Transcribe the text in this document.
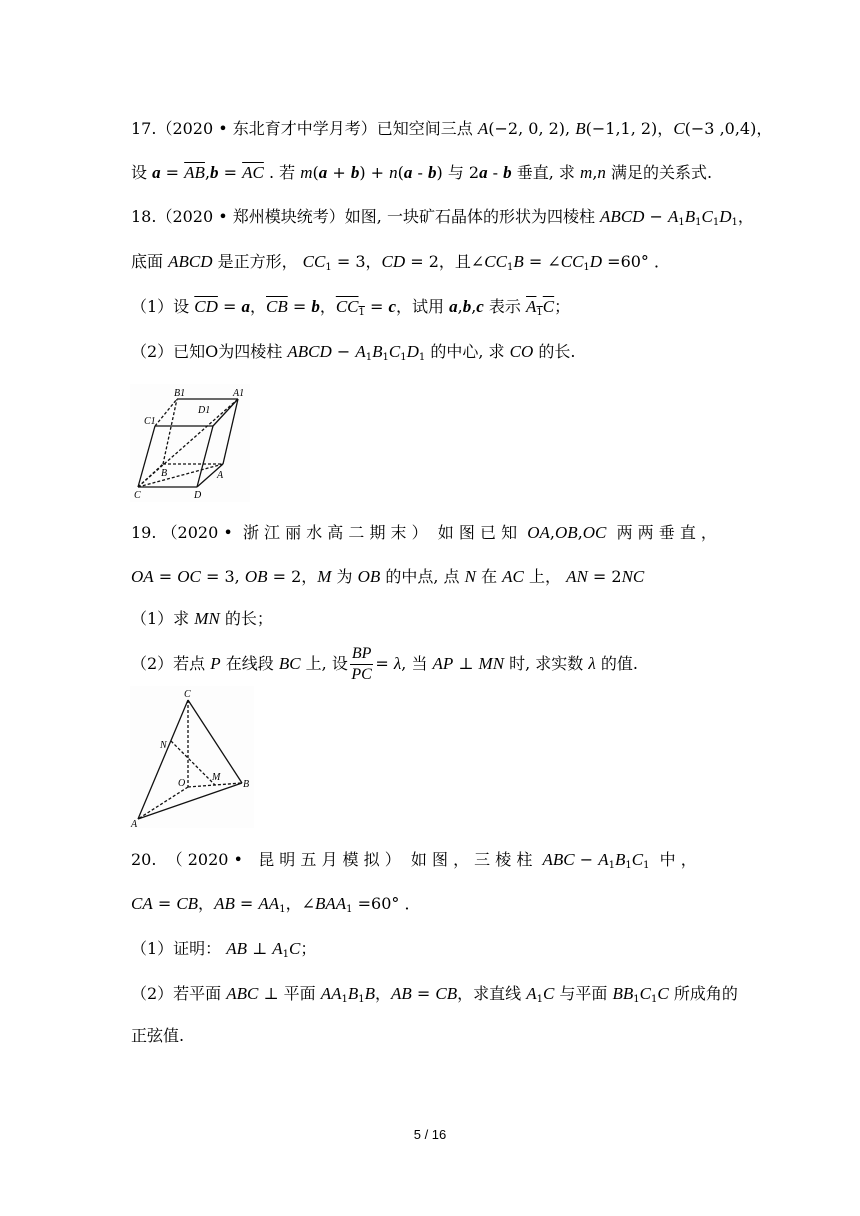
17.（2020 • 东北育才中学月考）已知空间三点 A(−2, 0, 2), B(−1,1, 2)，C(−3 ,0,4)，
设 $a = \overline{AB},b = \overline{AC}$ . 若 m(a + b) + n(a - b) 与 2a - b 垂直, 求 m,n 满足的关系式.
18.（2020 • 郑州模块统考）如图, 一块矿石晶体的形状为四棱柱 ABCD − $A_1B_1C_1D_1$，
底面 ABCD 是正方形， $CC_1 = 3$，CD = 2，且$\angle CC_1B$ = $\angle CC_1D =60^\circ$ ．
（1）设 $\overline{CD} = a$，$\overline{CB} = b$，$CC_1 = c$，试用 a,b,c 表示 $A_1C$；
（2）已知O为四棱柱 ABCD − $A_1B_1C_1D_1$ 的中心, 求 CO 的长.
B1	A1
D1
C1
B	A
C	D
19. （2020 •  浙 江 丽 水 高 二 期 末 ）  如 图 已 知  OA,OB,OC  两 两 垂 直 ，
OA = OC = 3, OB = 2，M 为 OB 的中点, 点 N 在 AC 上， AN = 2NC
（1）求 MN 的长；
（2）若点 P 在线段 BC 上, 设 $\frac{BP}{PC} = \lambda$, 当 AP ⊥ MN 时, 求实数 λ 的值.
C
N
O
M
B
A
20.  （ 2020 •   昆 明 五 月 模 拟 ）  如 图 ， 三 棱 柱  ABC − $A_1B_1C_1$  中 ，
CA = CB，AB = $AA_1$，$\angle BAA_1 =60^\circ$ ．
（1）证明： AB ⊥ $A_1C$；
（2）若平面 ABC ⊥ 平面 $AA_1B_1B$，AB = CB，求直线 $A_1C$ 与平面 $BB_1C_1C$ 所成角的
正弦值.
5 / 16
